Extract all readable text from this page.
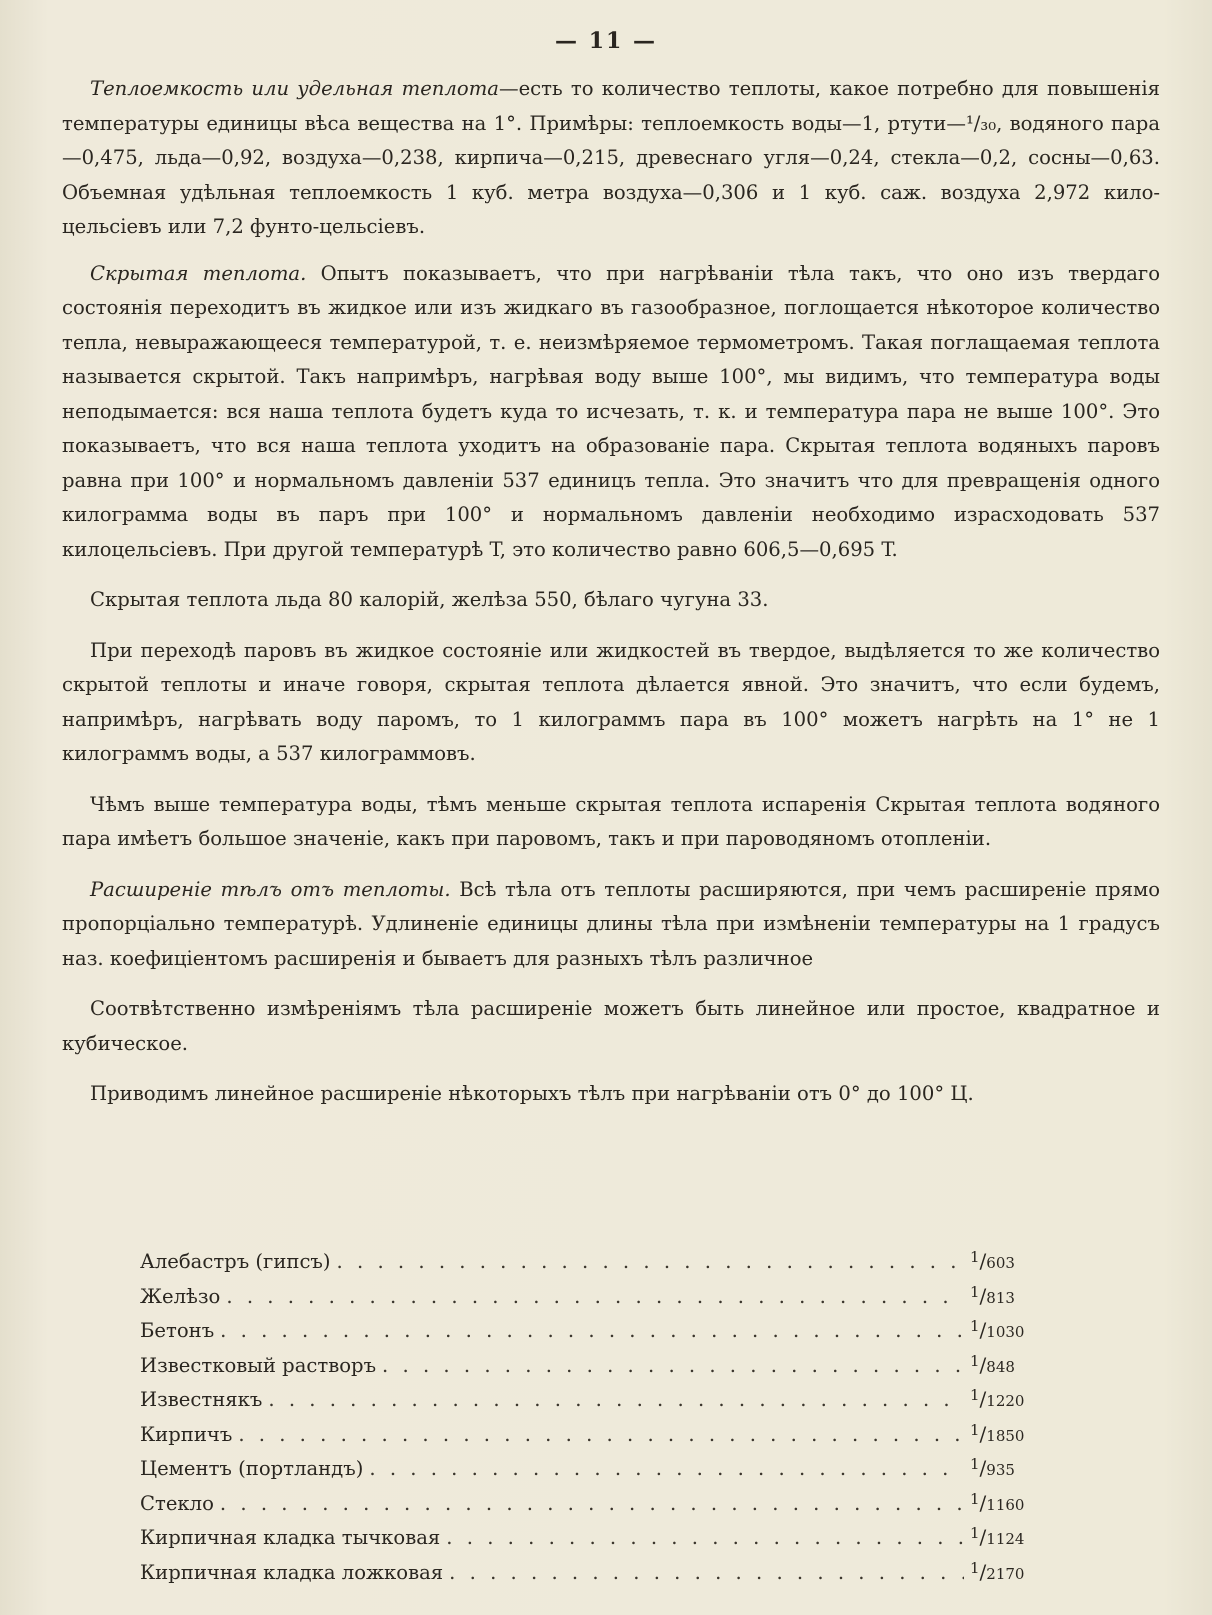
— 11 —

Теплоемкость или удельная теплота—есть то количество теплоты, какое потребно для повышенія температуры единицы вѣса вещества на 1°. Примѣры: теплоемкость воды—1, ртути—¹/₃₀, водяного пара—0,475, льда—0,92, воздуха—0,238, кирпича—0,215, древеснаго угля—0,24, стекла—0,2, сосны—0,63. Объемная удѣльная теплоемкость 1 куб. метра воздуха—0,306 и 1 куб. саж. воздуха 2,972 кило-цельсіевъ или 7,2 фунто-цельсіевъ.

Скрытая теплота. Опытъ показываетъ, что при нагрѣваніи тѣла такъ, что оно изъ твердаго состоянія переходитъ въ жидкое или изъ жидкаго въ газообразное, поглощается нѣкоторое количество тепла, невыражающееся температурой, т. е. неизмѣряемое термометромъ. Такая поглащаемая теплота называется скрытой. Такъ напримѣръ, нагрѣвая воду выше 100°, мы видимъ, что температура воды неподымается: вся наша теплота будетъ куда то исчезать, т. к. и температура пара не выше 100°. Это показываетъ, что вся наша теплота уходитъ на образованіе пара. Скрытая теплота водяныхъ паровъ равна при 100° и нормальномъ давленіи 537 единицъ тепла. Это значитъ что для превращенія одного килограмма воды въ паръ при 100° и нормальномъ давленіи необходимо израсходовать 537 килоцельсіевъ. При другой температурѣ T, это количество равно 606,5—0,695 T.

Скрытая теплота льда 80 калорій, желѣза 550, бѣлаго чугуна 33.

При переходѣ паровъ въ жидкое состояніе или жидкостей въ твердое, выдѣляется то же количество скрытой теплоты и иначе говоря, скрытая теплота дѣлается явной. Это значитъ, что если будемъ, напримѣръ, нагрѣвать воду паромъ, то 1 килограммъ пара въ 100° можетъ нагрѣть на 1° не 1 килограммъ воды, а 537 килограммовъ.

Чѣмъ выше температура воды, тѣмъ меньше скрытая теплота испаренія Скрытая теплота водяного пара имѣетъ большое значеніе, какъ при паровомъ, такъ и при пароводяномъ отопленіи.

Расширеніе тѣлъ отъ теплоты. Всѣ тѣла отъ теплоты расширяются, при чемъ расширеніе прямо пропорціально температурѣ. Удлиненіе единицы длины тѣла при измѣненіи температуры на 1 градусъ наз. коефиціентомъ расширенія и бываетъ для разныхъ тѣлъ различное

Соотвѣтственно измѣреніямъ тѣла расширеніе можетъ быть линейное или простое, квадратное и кубическое.

Приводимъ линейное расширеніе нѣкоторыхъ тѣлъ при нагрѣваніи отъ 0° до 100° Ц.

Алебастръ (гипсъ) . . .	$^1$/603
Желѣзо . . .	$^1$/813
Бетонъ . . .	$^1$/1030
Известковый растворъ . . .	$^1$/848
Известнякъ . . .	$^1$/1220
Кирпичъ . . .	$^1$/1850
Цементъ (портландъ) . . .	$^1$/935
Стекло . . .	$^1$/1160
Кирпичная кладка тычковая . . .	$^1$/1124
Кирпичная кладка ложковая . . .	$^1$/2170
